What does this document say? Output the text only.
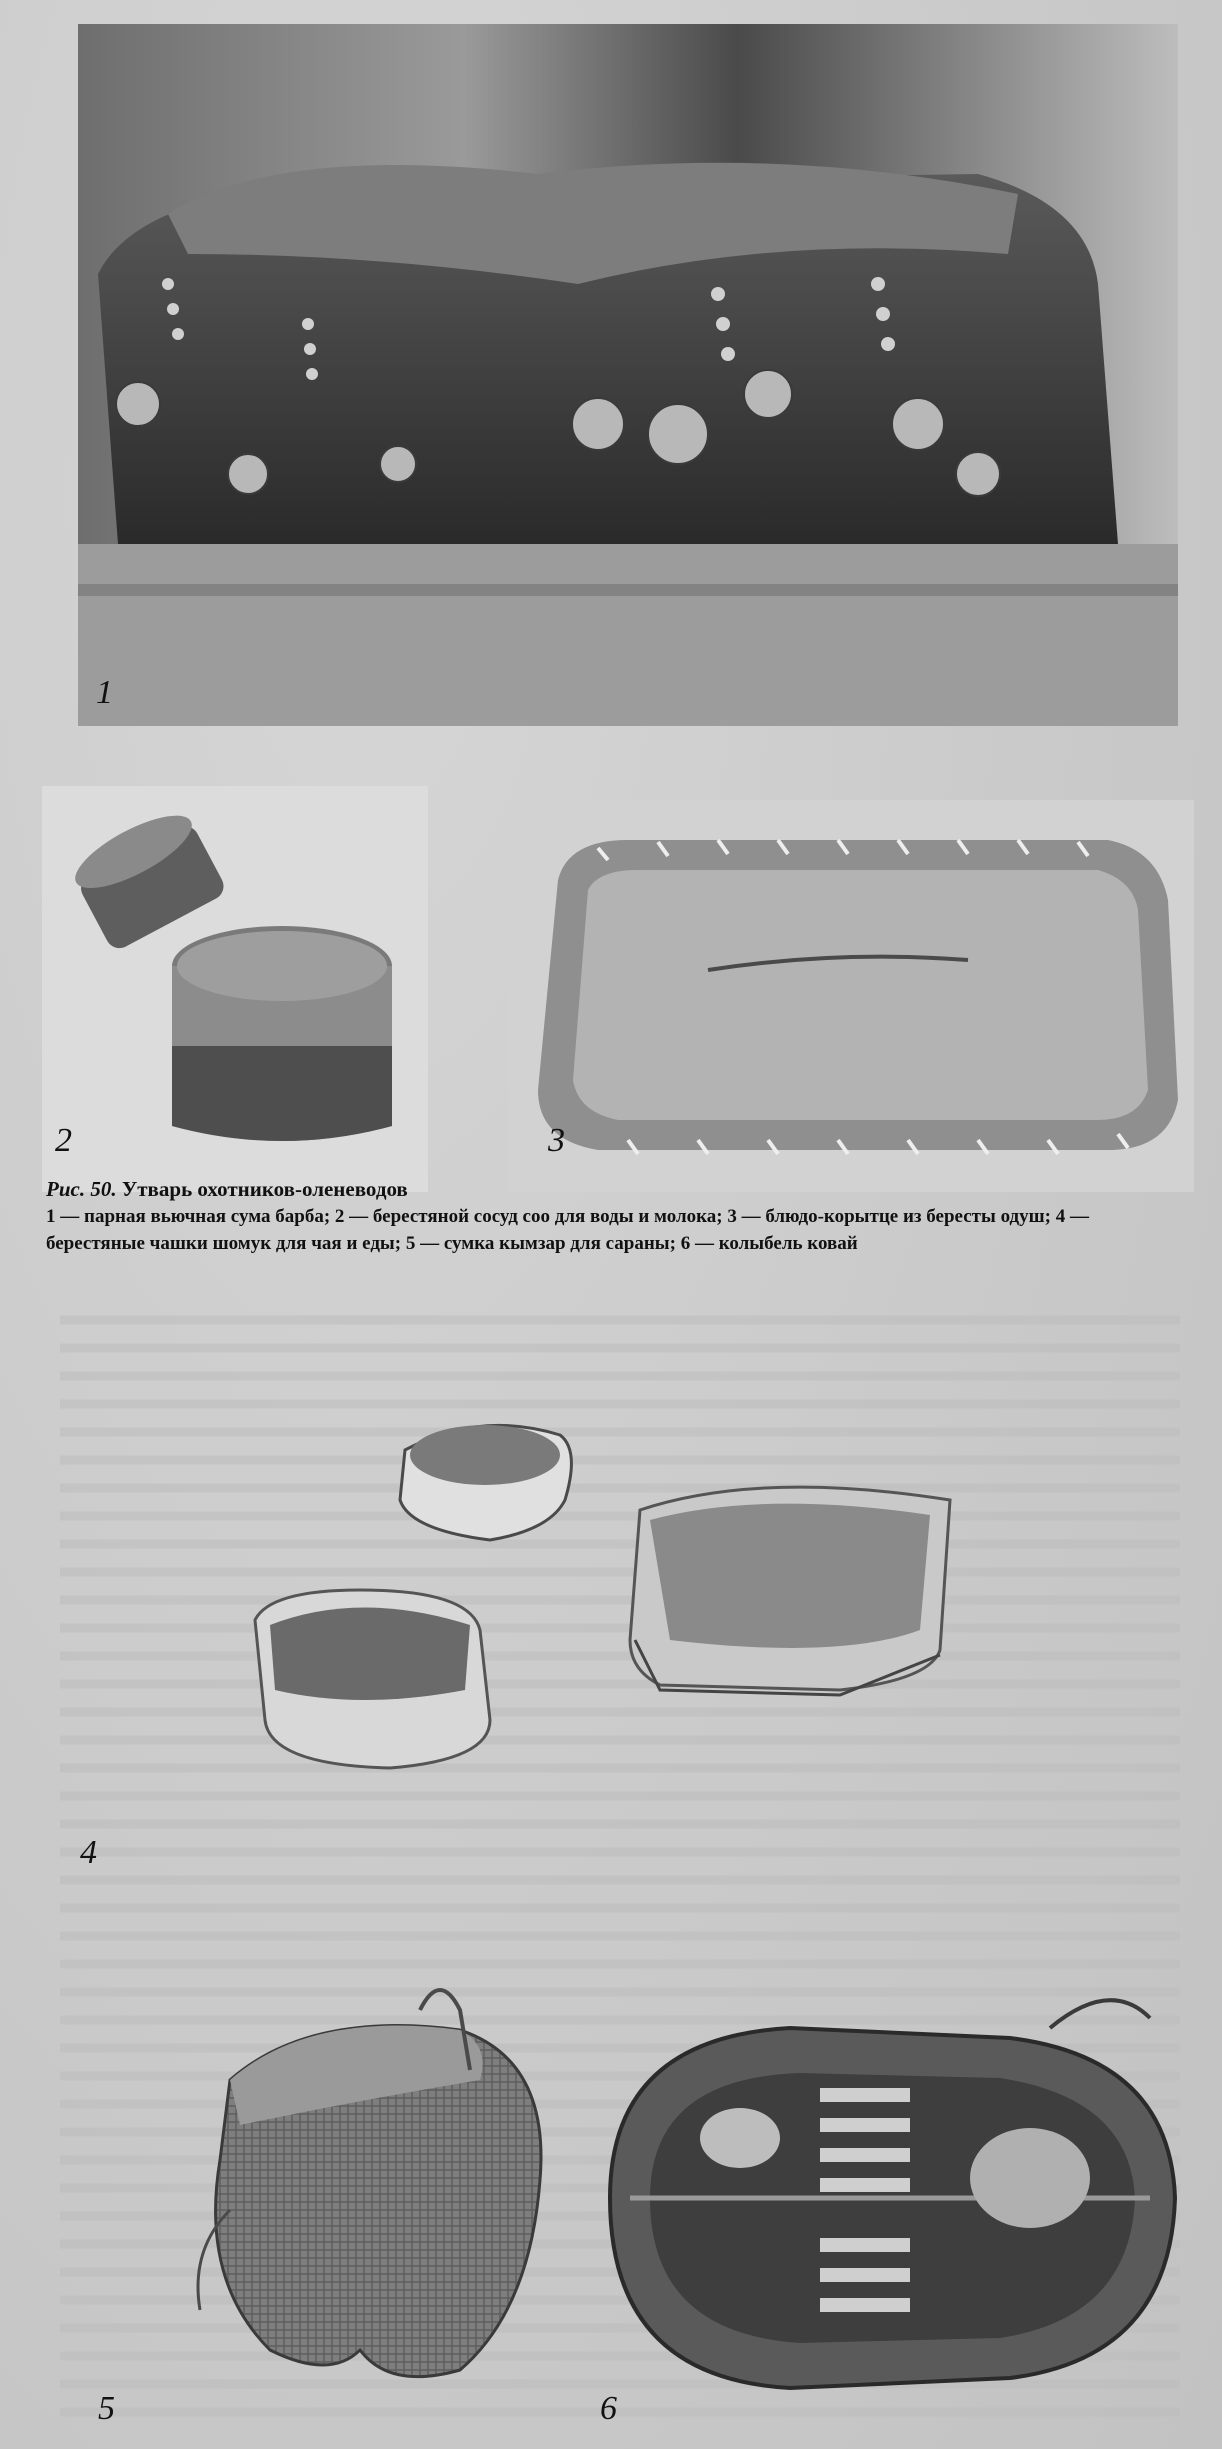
1
2	3
Рис. 50. Утварь охотников-оленеводов
1 — парная вьючная сума барба; 2 — берестяной сосуд соо для воды и молока; 3 — блюдо-корытце из бересты одуш; 4 — берестяные чашки шомук для чая и еды; 5 — сумка кымзар для сараны; 6 — колыбель ковай
4
5	6
